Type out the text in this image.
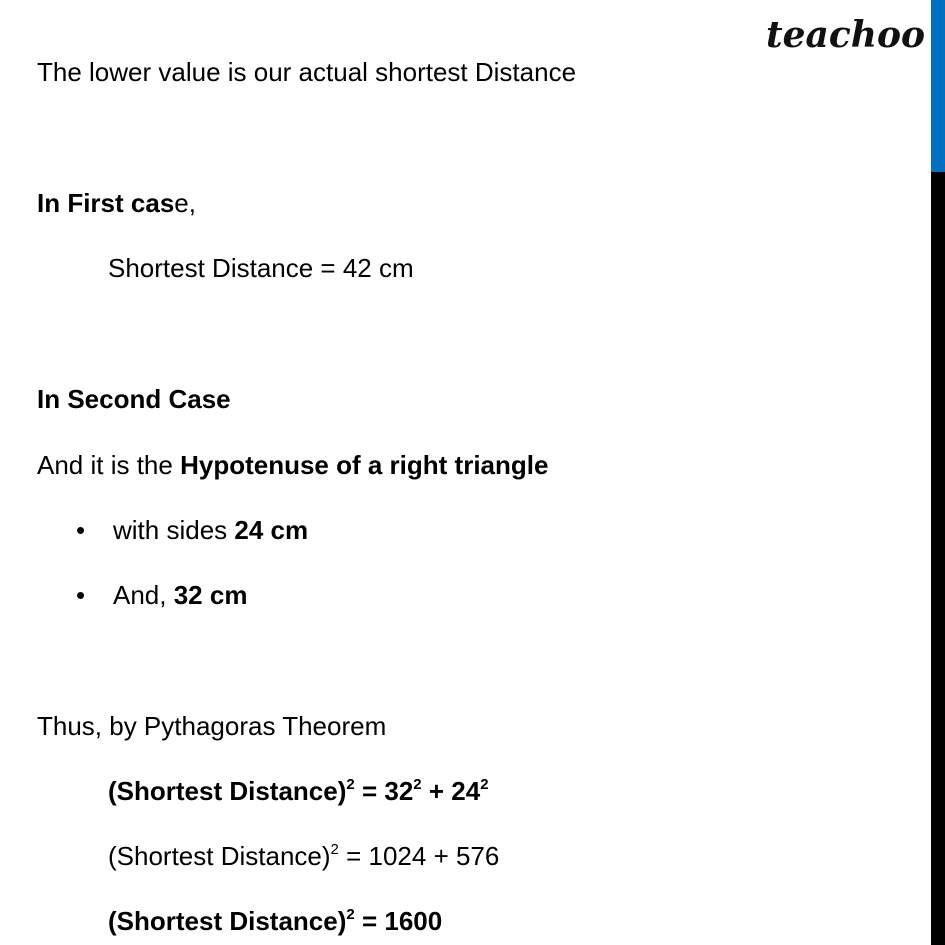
teachoo
The lower value is our actual shortest Distance
In First case,
Shortest Distance = 42 cm
In Second Case
And it is the Hypotenuse of a right triangle
• with sides 24 cm
• And, 32 cm
Thus, by Pythagoras Theorem
(Shortest Distance)$^2$ = $32^2 + 24^2$
(Shortest Distance)$^2$ = 1024 + 576
(Shortest Distance)$^2$ = 1600
